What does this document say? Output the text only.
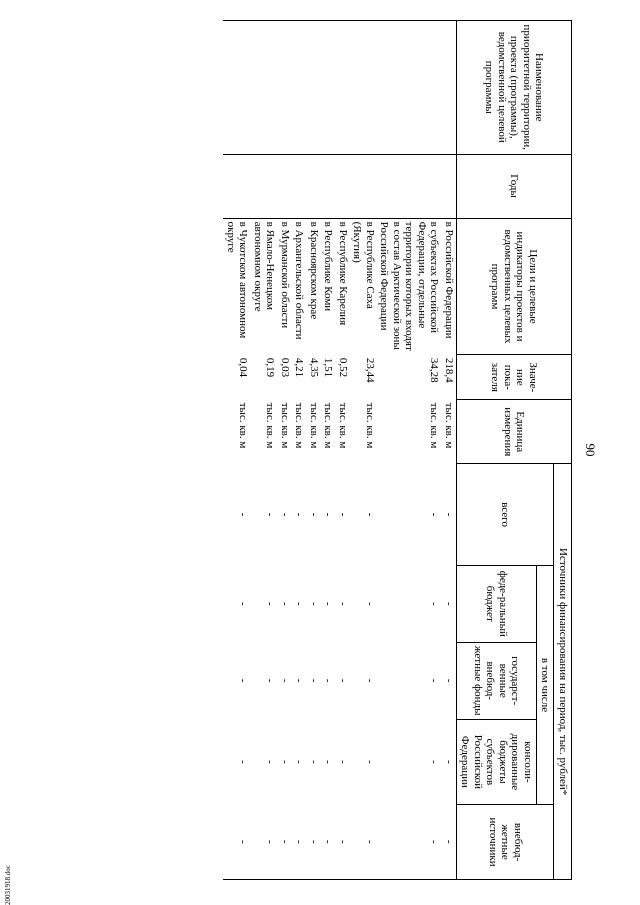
90
Наименование приоритетной территории, проекта (программы), ведомственной целевой программы	Годы	Цели и целевые индикаторы проектов и ведомственных целевых программ	Значе-ние пока-зателя	Единица измерения	Источники финансирования на период, тыс. рублей*				
					всего	в том числе			внебюд-жетные источники
						феде-ральный бюджет	государст-венные внебюд-жетные фонды	консоли-дированные бюджеты субъектов Российской Федерации	
		в Российской Федерации	218,4	тыс. кв. м	-	-	-	-	-
		в субъектах Российской Федерации, отдельные территории которых входят в состав Арктической зоны Российской Федерации	34,28	тыс. кв. м	-	-	-	-	-
		в Республике Саха (Якутия)	23,44	тыс. кв. м	-	-	-	-	-
		в Республике Карелия	0,52	тыс. кв. м	-	-	-	-	-
		в Республике Коми	1,51	тыс. кв. м	-	-	-	-	-
		в Красноярском крае	4,35	тыс. кв. м	-	-	-	-	-
		в Архангельской области	4,21	тыс. кв. м	-	-	-	-	-
		в Мурманской области	0,03	тыс. кв. м	-	-	-	-	-
		в Ямало-Ненецком автономном округе	0,19	тыс. кв. м	-	-	-	-	-
		в Чукотском автономном округе	0,04	тыс. кв. м	-	-	-	-	-
20031918.doc
